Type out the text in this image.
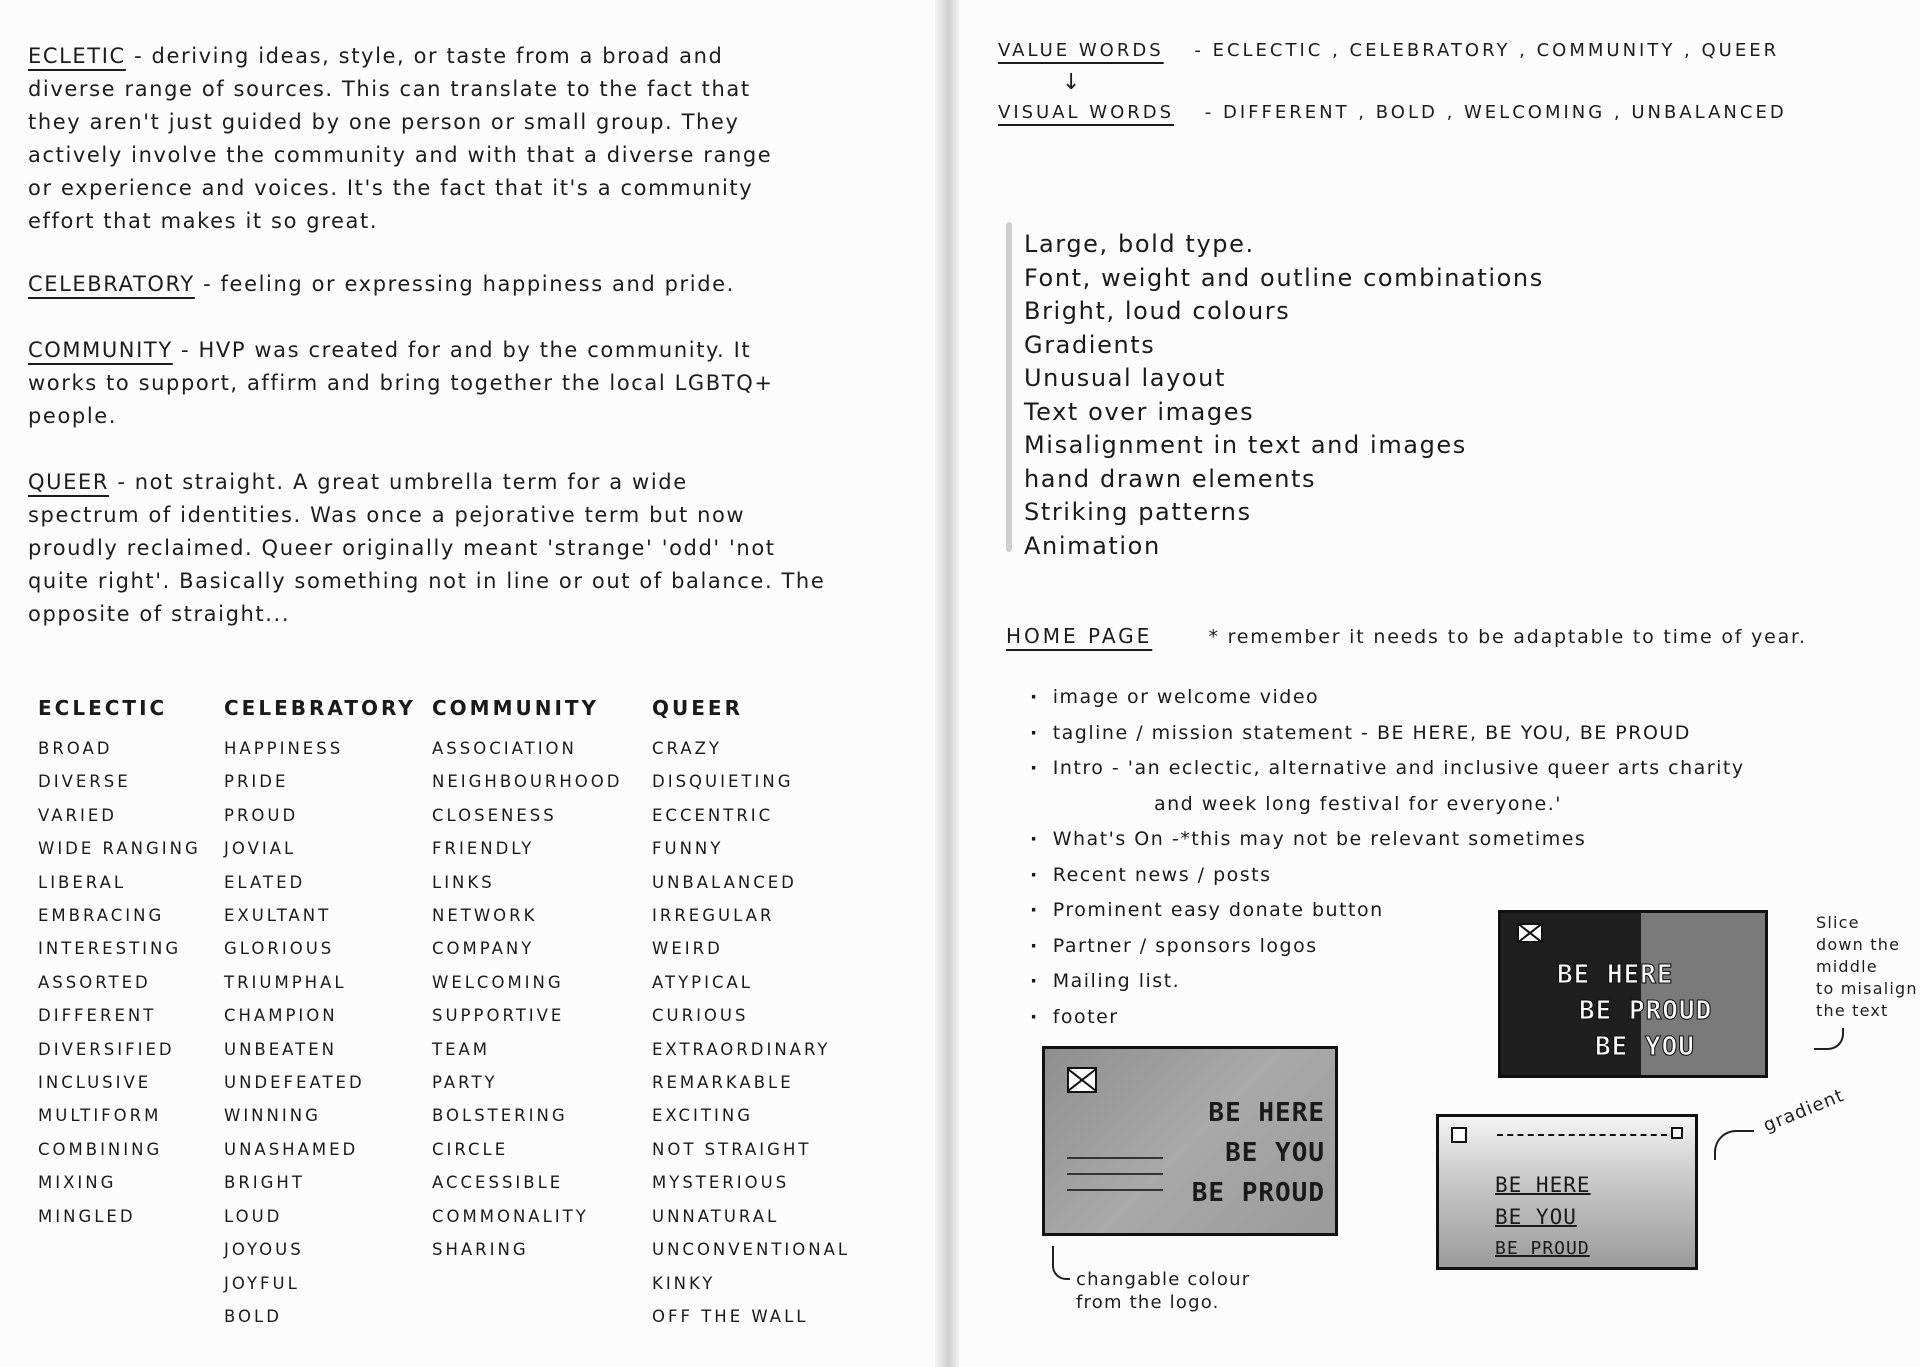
ECLETIC - deriving ideas, style, or taste from a broad and
diverse range of sources. This can translate to the fact that
they aren't just guided by one person or small group. They
actively involve the community and with that a diverse range
or experience and voices. It's the fact that it's a community
effort that makes it so great.
CELEBRATORY - feeling or expressing happiness and pride.
COMMUNITY - HVP was created for and by the community. It
works to support, affirm and bring together the local LGBTQ+
people.
QUEER - not straight. A great umbrella term for a wide
spectrum of identities. Was once a pejorative term but now
proudly reclaimed. Queer originally meant 'strange' 'odd' 'not
quite right'. Basically something not in line or out of balance. The
opposite of straight...
ECLECTIC
BROAD
DIVERSE
VARIED
WIDE RANGING
LIBERAL
EMBRACING
INTERESTING
ASSORTED
DIFFERENT
DIVERSIFIED
INCLUSIVE
MULTIFORM
COMBINING
MIXING
MINGLED
CELEBRATORY
HAPPINESS
PRIDE
PROUD
JOVIAL
ELATED
EXULTANT
GLORIOUS
TRIUMPHAL
CHAMPION
UNBEATEN
UNDEFEATED
WINNING
UNASHAMED
BRIGHT
LOUD
JOYOUS
JOYFUL
BOLD
COMMUNITY
ASSOCIATION
NEIGHBOURHOOD
CLOSENESS
FRIENDLY
LINKS
NETWORK
COMPANY
WELCOMING
SUPPORTIVE
TEAM
PARTY
BOLSTERING
CIRCLE
ACCESSIBLE
COMMONALITY
SHARING
QUEER
CRAZY
DISQUIETING
ECCENTRIC
FUNNY
UNBALANCED
IRREGULAR
WEIRD
ATYPICAL
CURIOUS
EXTRAORDINARY
REMARKABLE
EXCITING
NOT STRAIGHT
MYSTERIOUS
UNNATURAL
UNCONVENTIONAL
KINKY
OFF THE WALL
VALUE WORDS - ECLECTIC , CELEBRATORY , COMMUNITY , QUEER
↓
VISUAL WORDS - DIFFERENT , BOLD , WELCOMING , UNBALANCED
Large, bold type.
Font, weight and outline combinations
Bright, loud colours
Gradients
Unusual layout
Text over images
Misalignment in text and images
hand drawn elements
Striking patterns
Animation
HOME PAGE	* remember it needs to be adaptable to time of year.
· image or welcome video
· tagline / mission statement - BE HERE, BE YOU, BE PROUD
· Intro - 'an eclectic, alternative and inclusive queer arts charity
and week long festival for everyone.'
· What's On -*this may not be relevant sometimes
· Recent news / posts
· Prominent easy donate button
· Partner / sponsors logos
· Mailing list.
· footer
BE HERE
BE YOU
BE PROUD
changable colour
from the logo.
BE HERE
BE PROUD
BE YOU
Slice
down the
middle
to misalign
the text
BE HERE
BE YOU
BE PROUD
gradient
